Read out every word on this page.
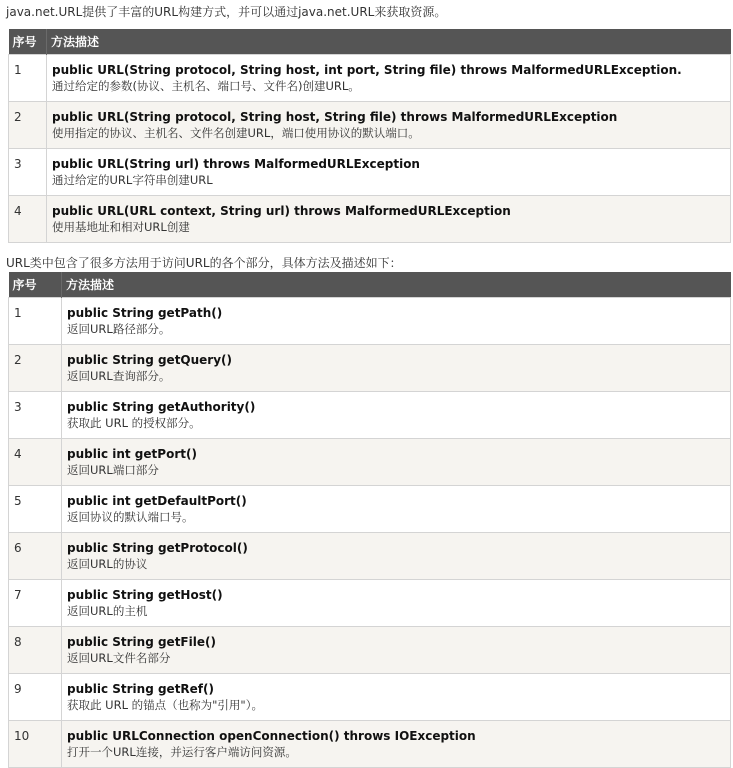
java.net.URL提供了丰富的URL构建方式，并可以通过java.net.URL来获取资源。

序号	方法描述
1	public URL(String protocol, String host, int port, String file) throws MalformedURLException.
通过给定的参数(协议、主机名、端口号、文件名)创建URL。

2	public URL(String protocol, String host, String file) throws MalformedURLException
使用指定的协议、主机名、文件名创建URL，端口使用协议的默认端口。

3	public URL(String url) throws MalformedURLException
通过给定的URL字符串创建URL

4	public URL(URL context, String url) throws MalformedURLException
使用基地址和相对URL创建

URL类中包含了很多方法用于访问URL的各个部分，具体方法及描述如下：

序号	方法描述
1	public String getPath()
返回URL路径部分。

2	public String getQuery()
返回URL查询部分。

3	public String getAuthority()
获取此 URL 的授权部分。

4	public int getPort()
返回URL端口部分

5	public int getDefaultPort()
返回协议的默认端口号。

6	public String getProtocol()
返回URL的协议

7	public String getHost()
返回URL的主机

8	public String getFile()
返回URL文件名部分

9	public String getRef()
获取此 URL 的锚点（也称为"引用"）。

10	public URLConnection openConnection() throws IOException
打开一个URL连接，并运行客户端访问资源。
